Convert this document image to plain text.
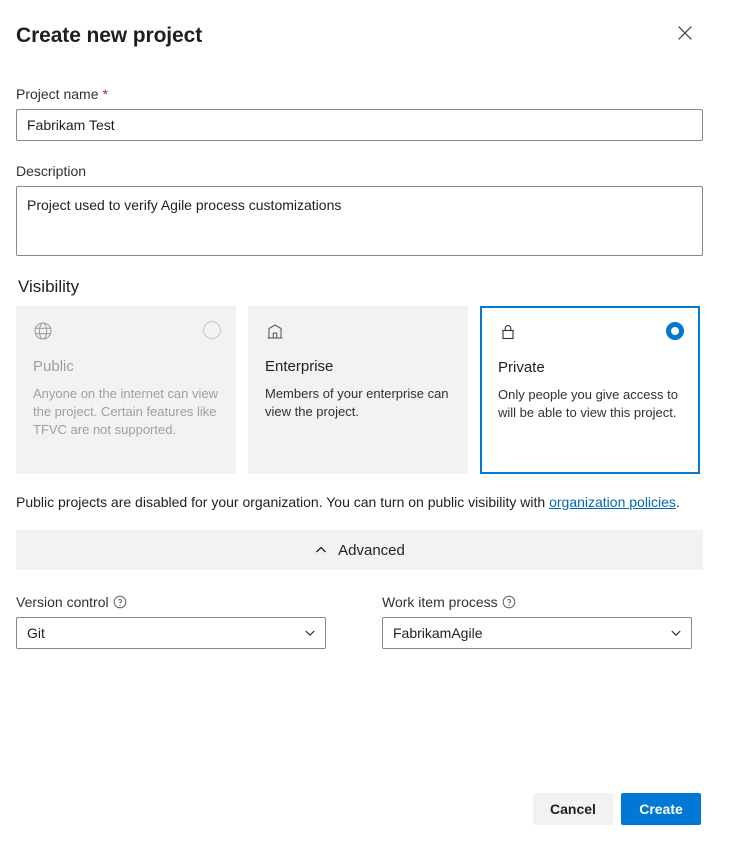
Create new project
Project name *
Fabrikam Test
Description
Project used to verify Agile process customizations
Visibility
Public
Anyone on the internet can view the project. Certain features like TFVC are not supported.
Enterprise
Members of your enterprise can view the project.
Private
Only people you give access to will be able to view this project.
Public projects are disabled for your organization. You can turn on public visibility with organization policies.
Advanced
Version control
Git
Work item process
FabrikamAgile
Cancel	Create
